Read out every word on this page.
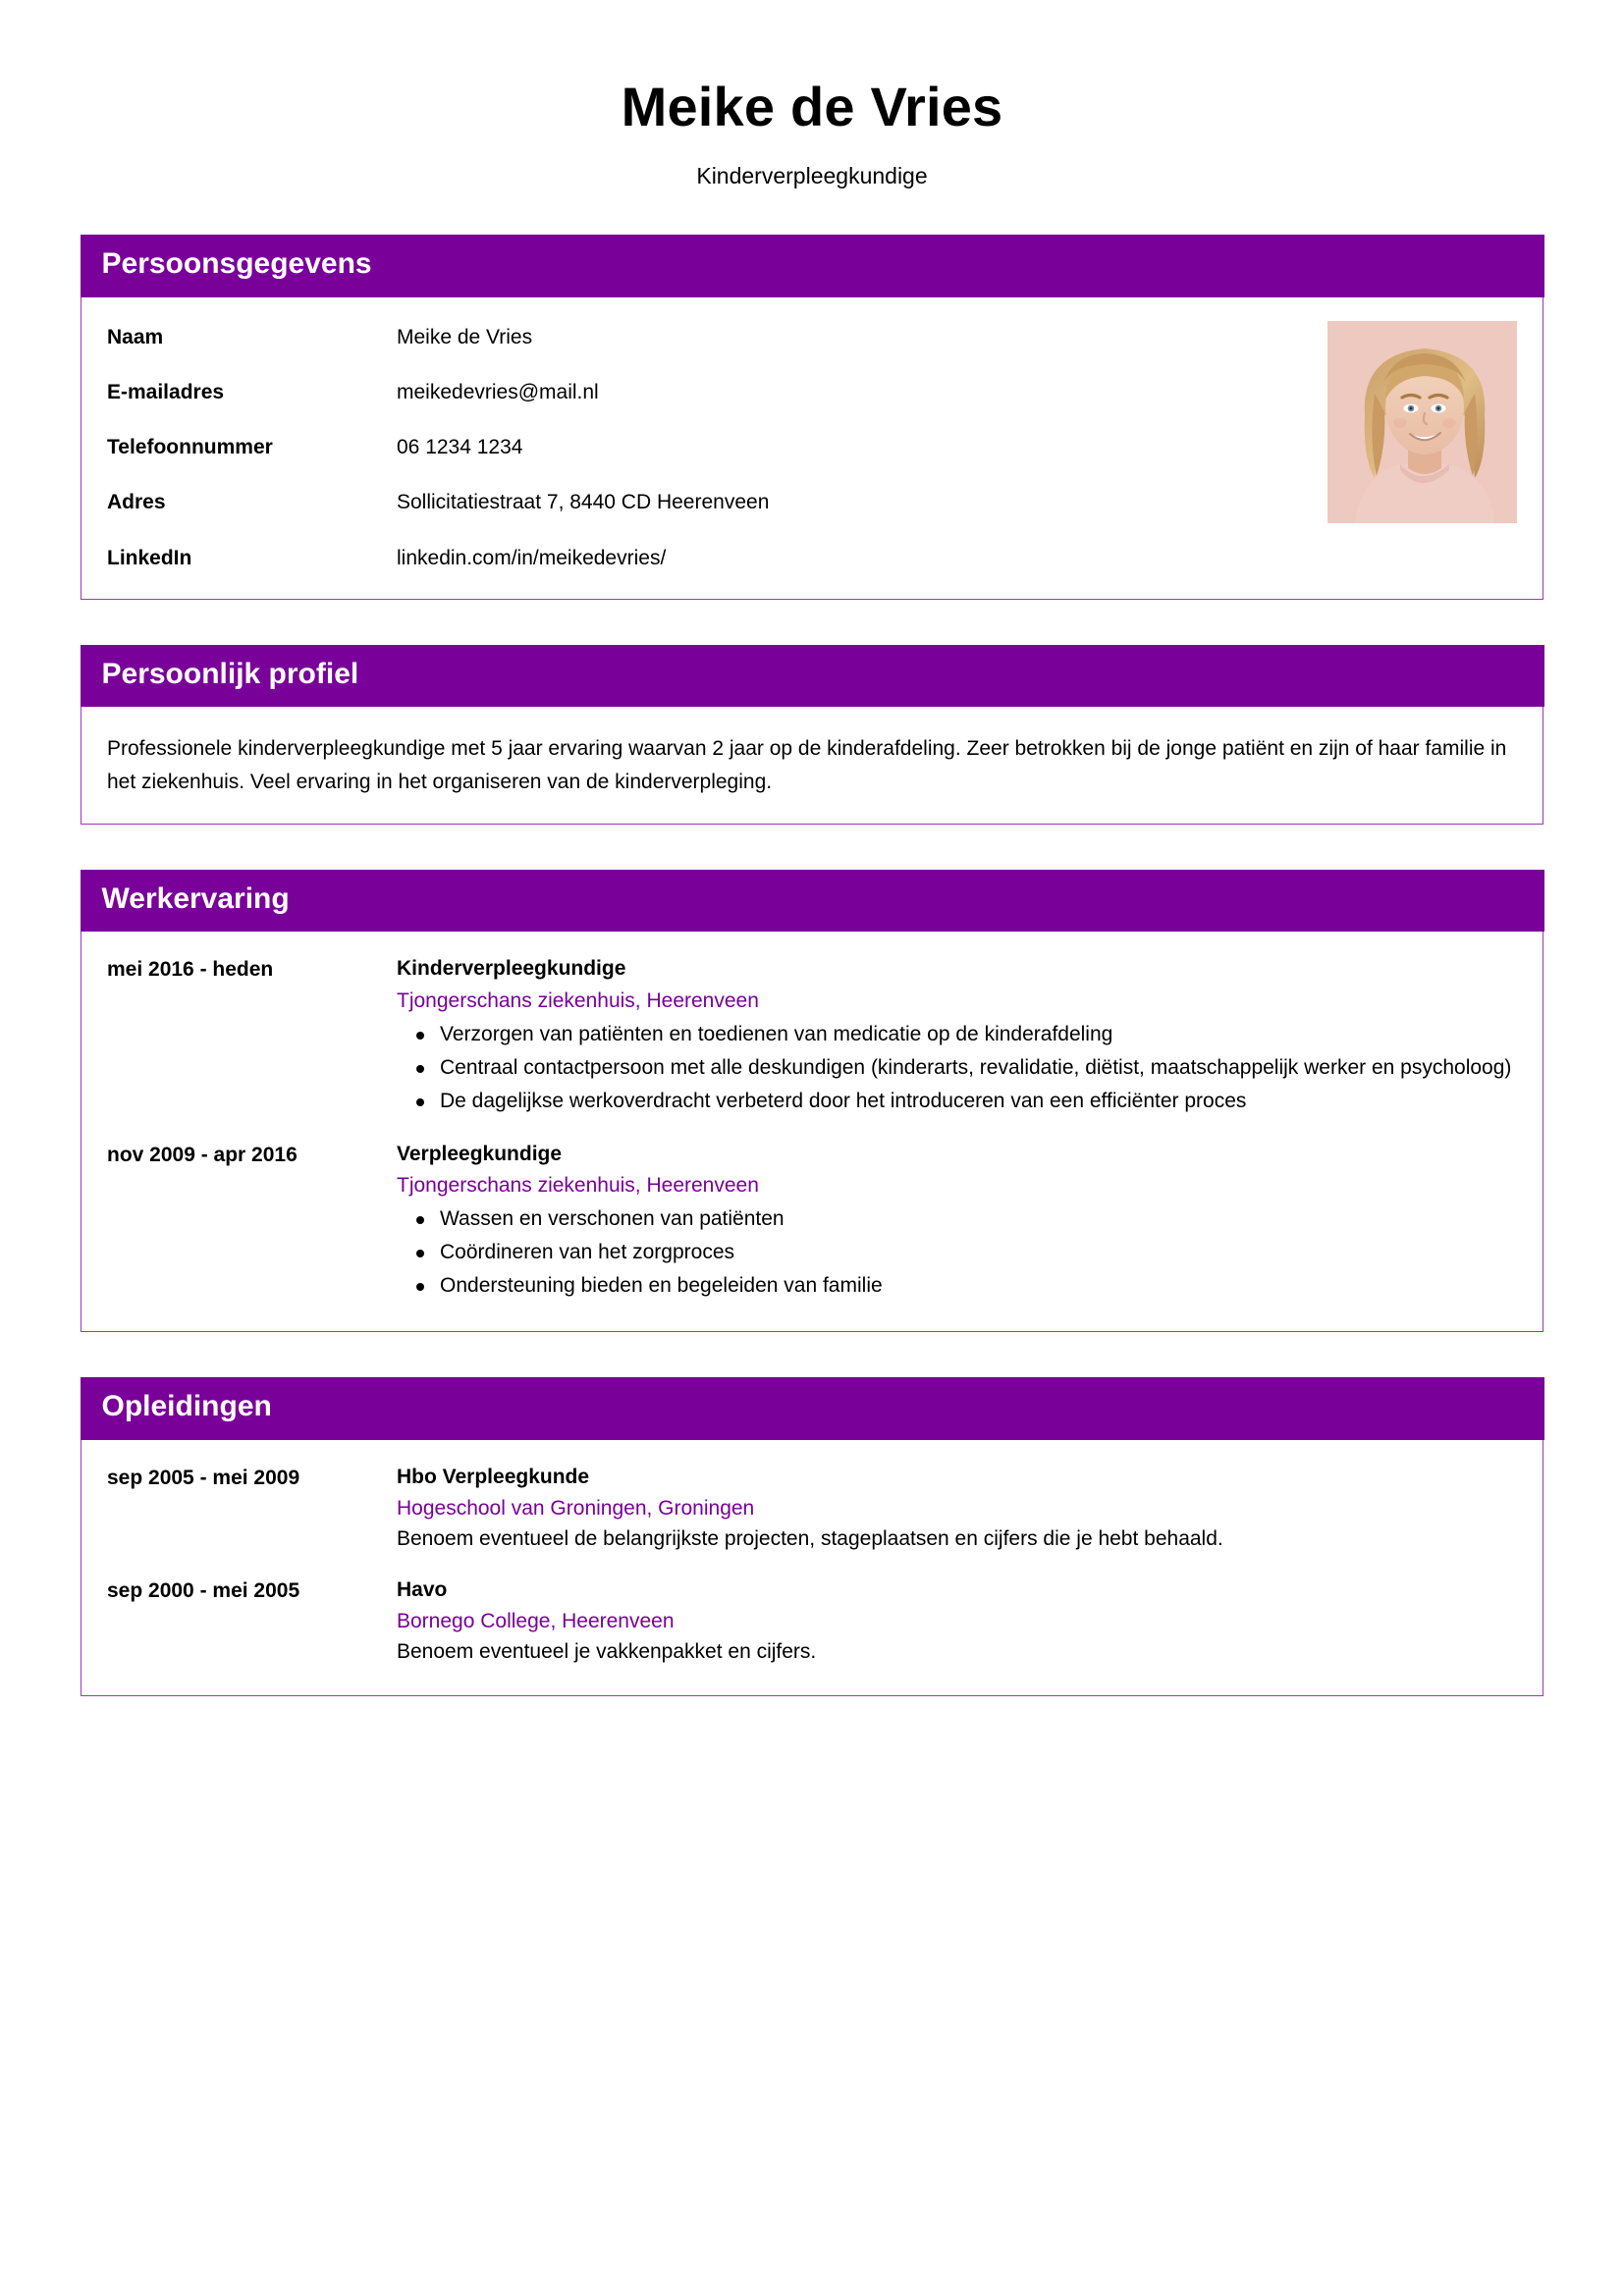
Meike de Vries
Kinderverpleegkundige
Persoonsgegevens
Naam	Meike de Vries
E-mailadres	meikedevries@mail.nl
Telefoonnummer	06 1234 1234
Adres	Sollicitatiestraat 7, 8440 CD Heerenveen
LinkedIn	linkedin.com/in/meikedevries/
Persoonlijk profiel

Professionele kinderverpleegkundige met 5 jaar ervaring waarvan 2 jaar op de kinderafdeling. Zeer betrokken bij de jonge patiënt en zijn of haar familie in het ziekenhuis. Veel ervaring in het organiseren van de kinderverpleging.

Werkervaring
mei 2016 - heden	Kinderverpleegkundige
Tjongerschans ziekenhuis, Heerenveen
Verzorgen van patiënten en toedienen van medicatie op de kinderafdeling
Centraal contactpersoon met alle deskundigen (kinderarts, revalidatie, diëtist, maatschappelijk werker en psycholoog)
De dagelijkse werkoverdracht verbeterd door het introduceren van een efficiënter proces
nov 2009 - apr 2016	Verpleegkundige
Tjongerschans ziekenhuis, Heerenveen
Wassen en verschonen van patiënten
Coördineren van het zorgproces
Ondersteuning bieden en begeleiden van familie
Opleidingen
sep 2005 - mei 2009	Hbo Verpleegkunde
Hogeschool van Groningen, Groningen
Benoem eventueel de belangrijkste projecten, stageplaatsen en cijfers die je hebt behaald.
sep 2000 - mei 2005	Havo
Bornego College, Heerenveen
Benoem eventueel je vakkenpakket en cijfers.
